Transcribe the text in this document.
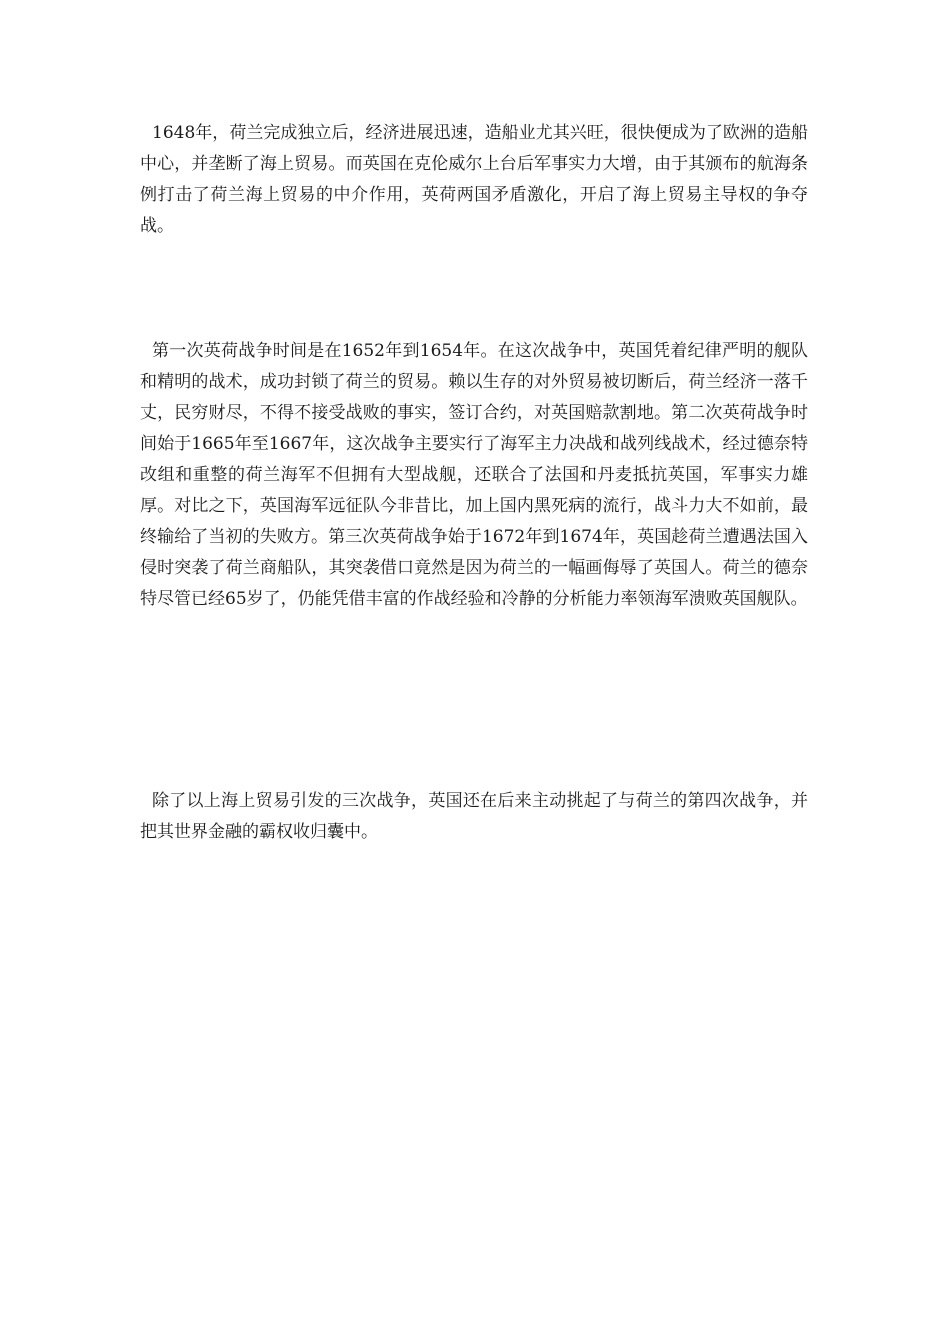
1648年，荷兰完成独立后，经济进展迅速，造船业尤其兴旺，很快便成为了欧洲的造船中心，并垄断了海上贸易。而英国在克伦威尔上台后军事实力大增，由于其颁布的航海条例打击了荷兰海上贸易的中介作用，英荷两国矛盾激化，开启了海上贸易主导权的争夺战。

第一次英荷战争时间是在1652年到1654年。在这次战争中，英国凭着纪律严明的舰队和精明的战术，成功封锁了荷兰的贸易。赖以生存的对外贸易被切断后，荷兰经济一落千丈，民穷财尽，不得不接受战败的事实，签订合约，对英国赔款割地。第二次英荷战争时间始于1665年至1667年，这次战争主要实行了海军主力决战和战列线战术，经过德奈特改组和重整的荷兰海军不但拥有大型战舰，还联合了法国和丹麦抵抗英国，军事实力雄厚。对比之下，英国海军远征队今非昔比，加上国内黑死病的流行，战斗力大不如前，最终输给了当初的失败方。第三次英荷战争始于1672年到1674年，英国趁荷兰遭遇法国入侵时突袭了荷兰商船队，其突袭借口竟然是因为荷兰的一幅画侮辱了英国人。荷兰的德奈特尽管已经65岁了，仍能凭借丰富的作战经验和冷静的分析能力率领海军溃败英国舰队。

除了以上海上贸易引发的三次战争，英国还在后来主动挑起了与荷兰的第四次战争，并把其世界金融的霸权收归囊中。
